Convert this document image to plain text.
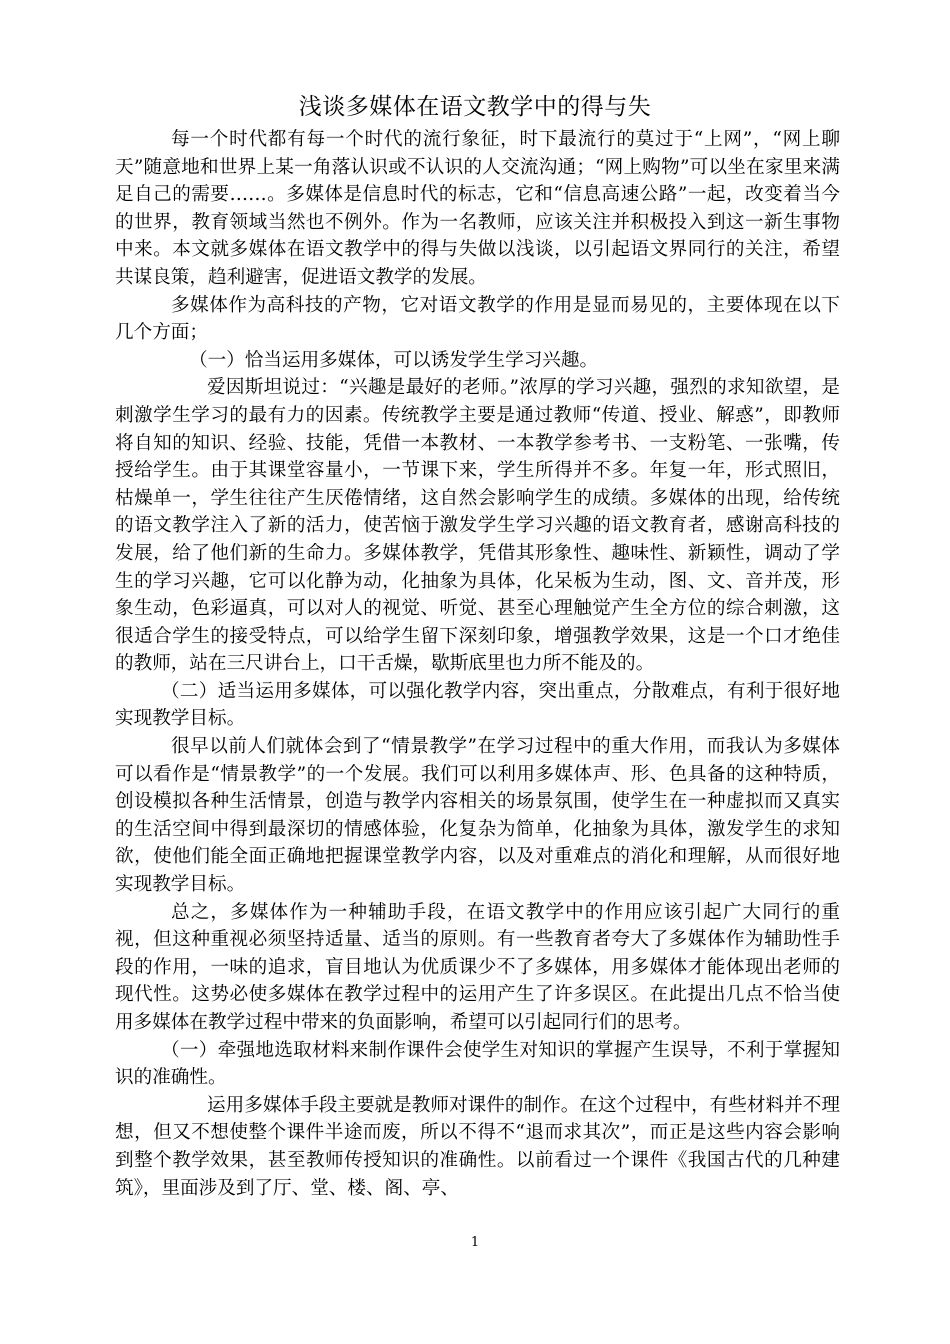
浅谈多媒体在语文教学中的得与失

每一个时代都有每一个时代的流行象征，时下最流行的莫过于“上网”，“网上聊天”随意地和世界上某一角落认识或不认识的人交流沟通；“网上购物”可以坐在家里来满足自己的需要……。多媒体是信息时代的标志，它和“信息高速公路”一起，改变着当今的世界，教育领域当然也不例外。作为一名教师，应该关注并积极投入到这一新生事物中来。本文就多媒体在语文教学中的得与失做以浅谈，以引起语文界同行的关注，希望共谋良策，趋利避害，促进语文教学的发展。

多媒体作为高科技的产物，它对语文教学的作用是显而易见的，主要体现在以下几个方面；

（一）恰当运用多媒体，可以诱发学生学习兴趣。

爱因斯坦说过：“兴趣是最好的老师。”浓厚的学习兴趣，强烈的求知欲望，是刺激学生学习的最有力的因素。传统教学主要是通过教师“传道、授业、解惑”，即教师将自知的知识、经验、技能，凭借一本教材、一本教学参考书、一支粉笔、一张嘴，传授给学生。由于其课堂容量小，一节课下来，学生所得并不多。年复一年，形式照旧，枯燥单一，学生往往产生厌倦情绪，这自然会影响学生的成绩。多媒体的出现，给传统的语文教学注入了新的活力，使苦恼于激发学生学习兴趣的语文教育者，感谢高科技的发展，给了他们新的生命力。多媒体教学，凭借其形象性、趣味性、新颖性，调动了学生的学习兴趣，它可以化静为动，化抽象为具体，化呆板为生动，图、文、音并茂，形象生动，色彩逼真，可以对人的视觉、听觉、甚至心理触觉产生全方位的综合刺激，这很适合学生的接受特点，可以给学生留下深刻印象，增强教学效果，这是一个口才绝佳的教师，站在三尺讲台上，口干舌燥，歇斯底里也力所不能及的。

（二）适当运用多媒体，可以强化教学内容，突出重点，分散难点，有利于很好地实现教学目标。

很早以前人们就体会到了“情景教学”在学习过程中的重大作用，而我认为多媒体可以看作是“情景教学”的一个发展。我们可以利用多媒体声、形、色具备的这种特质，创设模拟各种生活情景，创造与教学内容相关的场景氛围，使学生在一种虚拟而又真实的生活空间中得到最深切的情感体验，化复杂为简单，化抽象为具体，激发学生的求知欲，使他们能全面正确地把握课堂教学内容，以及对重难点的消化和理解，从而很好地实现教学目标。

总之，多媒体作为一种辅助手段，在语文教学中的作用应该引起广大同行的重视，但这种重视必须坚持适量、适当的原则。有一些教育者夸大了多媒体作为辅助性手段的作用，一味的追求，盲目地认为优质课少不了多媒体，用多媒体才能体现出老师的现代性。这势必使多媒体在教学过程中的运用产生了许多误区。在此提出几点不恰当使用多媒体在教学过程中带来的负面影响，希望可以引起同行们的思考。

（一）牵强地选取材料来制作课件会使学生对知识的掌握产生误导，不利于掌握知识的准确性。

运用多媒体手段主要就是教师对课件的制作。在这个过程中，有些材料并不理想，但又不想使整个课件半途而废，所以不得不“退而求其次”，而正是这些内容会影响到整个教学效果，甚至教师传授知识的准确性。以前看过一个课件《我国古代的几种建筑》，里面涉及到了厅、堂、楼、阁、亭、

1
